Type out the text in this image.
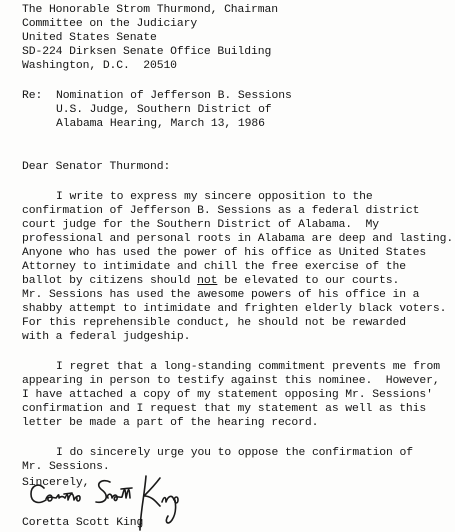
The Honorable Strom Thurmond, Chairman
Committee on the Judiciary
United States Senate
SD-224 Dirksen Senate Office Building
Washington, D.C.  20510
Re: Nomination of Jefferson B. Sessions
U.S. Judge, Southern District of
Alabama Hearing, March 13, 1986
Dear Senator Thurmond:
I write to express my sincere opposition to the
confirmation of Jefferson B. Sessions as a federal district
court judge for the Southern District of Alabama.  My
professional and personal roots in Alabama are deep and lasting.
Anyone who has used the power of his office as United States
Attorney to intimidate and chill the free exercise of the
ballot by citizens should not be elevated to our courts.
Mr. Sessions has used the awesome powers of his office in a
shabby attempt to intimidate and frighten elderly black voters.
For this reprehensible conduct, he should not be rewarded
with a federal judgeship.
I regret that a long-standing commitment prevents me from
appearing in person to testify against this nominee.  However,
I have attached a copy of my statement opposing Mr. Sessions'
confirmation and I request that my statement as well as this
letter be made a part of the hearing record.
I do sincerely urge you to oppose the confirmation of
Mr. Sessions.
Sincerely,
Coretta Scott King
